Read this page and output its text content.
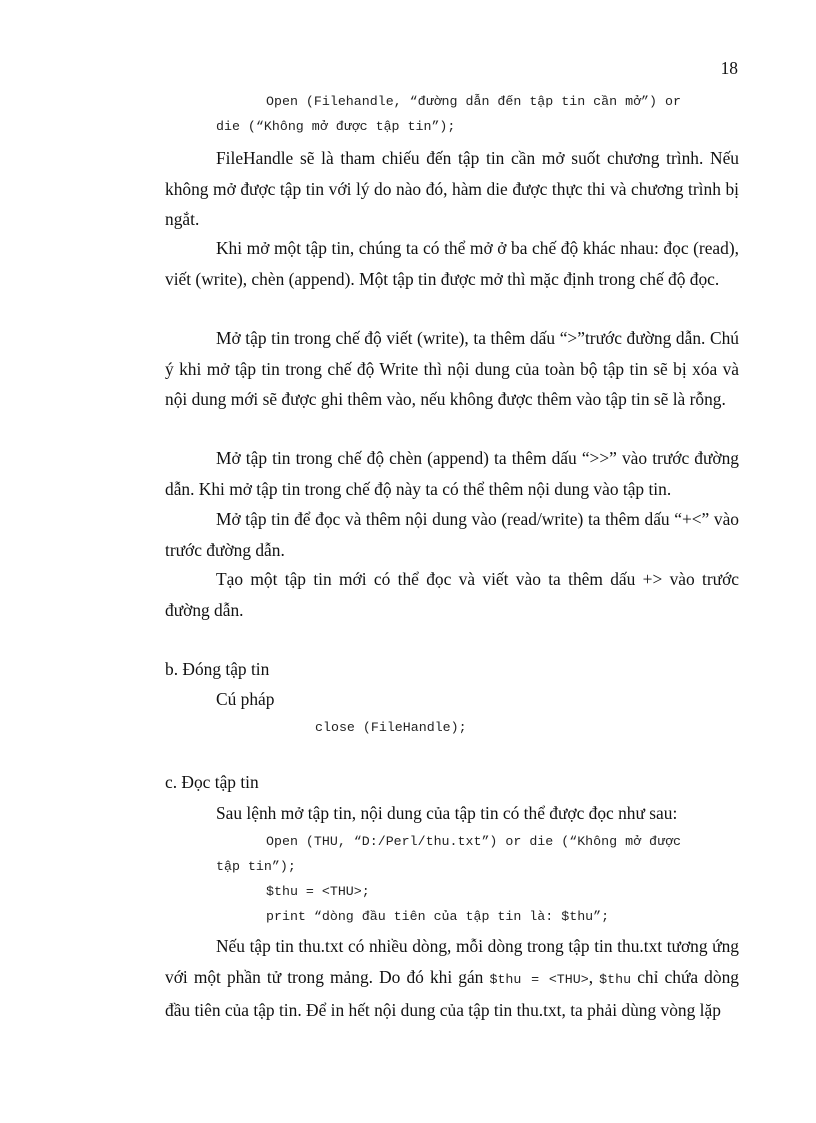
18
Open (Filehandle, “đường dẫn đến tập tin cần mở”) or
die (“Không mở được tập tin”);

FileHandle sẽ là tham chiếu đến tập tin cần mở suốt chương trình. Nếu không mở được tập tin với lý do nào đó, hàm die được thực thi và chương trình bị ngắt.

Khi mở một tập tin, chúng ta có thể mở ở ba chế độ khác nhau: đọc (read), viết (write), chèn (append). Một tập tin được mở thì mặc định trong chế độ đọc.

Mở tập tin trong chế độ viết (write), ta thêm dấu “>”trước đường dẫn. Chú ý khi mở tập tin trong chế độ Write thì nội dung của toàn bộ tập tin sẽ bị xóa và nội dung mới sẽ được ghi thêm vào, nếu không được thêm vào tập tin sẽ là rỗng.

Mở tập tin trong chế độ chèn (append) ta thêm dấu “>>” vào trước đường dẫn. Khi mở tập tin trong chế độ này ta có thể thêm nội dung vào tập tin.

Mở tập tin để đọc và thêm nội dung vào (read/write) ta thêm dấu “+<” vào trước đường dẫn.

Tạo một tập tin mới có thể đọc và viết vào ta thêm dấu +> vào trước đường dẫn.

b. Đóng tập tin
Cú pháp
close (FileHandle);
c. Đọc tập tin
Sau lệnh mở tập tin, nội dung của tập tin có thể được đọc như sau:
Open (THU, “D:/Perl/thu.txt”) or die (“Không mở được
tập tin”);
$thu = <THU>;
print “dòng đầu tiên của tập tin là: $thu”;

Nếu tập tin thu.txt có nhiều dòng, mỗi dòng trong tập tin thu.txt tương ứng với một phần tử trong mảng. Do đó khi gán $thu = <THU>, $thu chỉ chứa dòng đầu tiên của tập tin. Để in hết nội dung của tập tin thu.txt, ta phải dùng vòng lặp
